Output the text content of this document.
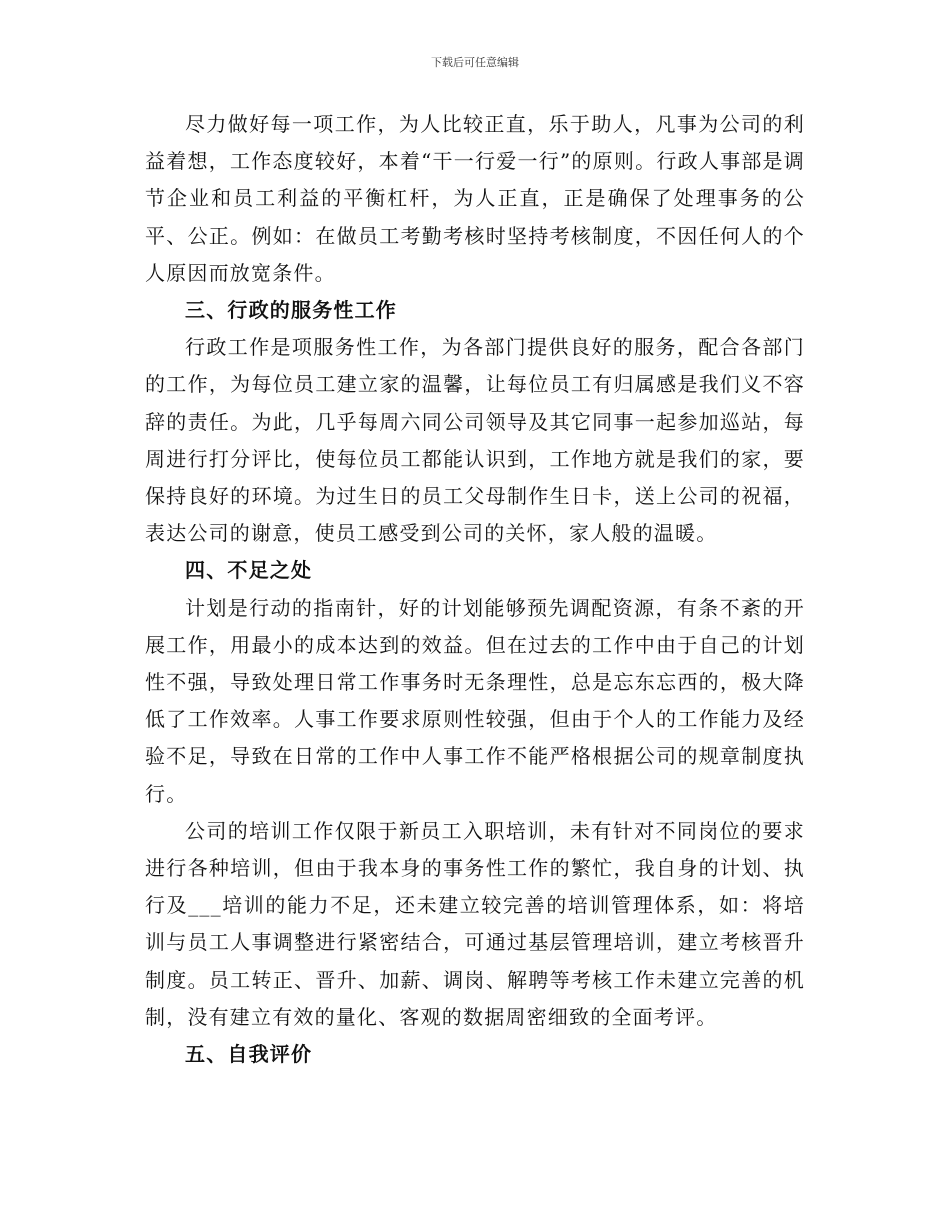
下载后可任意编辑

尽力做好每一项工作，为人比较正直，乐于助人，凡事为公司的利益着想，工作态度较好，本着“干一行爱一行”的原则。行政人事部是调节企业和员工利益的平衡杠杆，为人正直，正是确保了处理事务的公平、公正。例如：在做员工考勤考核时坚持考核制度，不因任何人的个人原因而放宽条件。

三、行政的服务性工作

行政工作是项服务性工作，为各部门提供良好的服务，配合各部门的工作，为每位员工建立家的温馨，让每位员工有归属感是我们义不容辞的责任。为此，几乎每周六同公司领导及其它同事一起参加巡站，每周进行打分评比，使每位员工都能认识到，工作地方就是我们的家，要保持良好的环境。为过生日的员工父母制作生日卡，送上公司的祝福，表达公司的谢意，使员工感受到公司的关怀，家人般的温暖。

四、不足之处

计划是行动的指南针，好的计划能够预先调配资源，有条不紊的开展工作，用最小的成本达到的效益。但在过去的工作中由于自己的计划性不强，导致处理日常工作事务时无条理性，总是忘东忘西的，极大降低了工作效率。人事工作要求原则性较强，但由于个人的工作能力及经验不足，导致在日常的工作中人事工作不能严格根据公司的规章制度执行。

公司的培训工作仅限于新员工入职培训，未有针对不同岗位的要求进行各种培训，但由于我本身的事务性工作的繁忙，我自身的计划、执行及___培训的能力不足，还未建立较完善的培训管理体系，如：将培训与员工人事调整进行紧密结合，可通过基层管理培训，建立考核晋升制度。员工转正、晋升、加薪、调岗、解聘等考核工作未建立完善的机制，没有建立有效的量化、客观的数据周密细致的全面考评。

五、自我评价
